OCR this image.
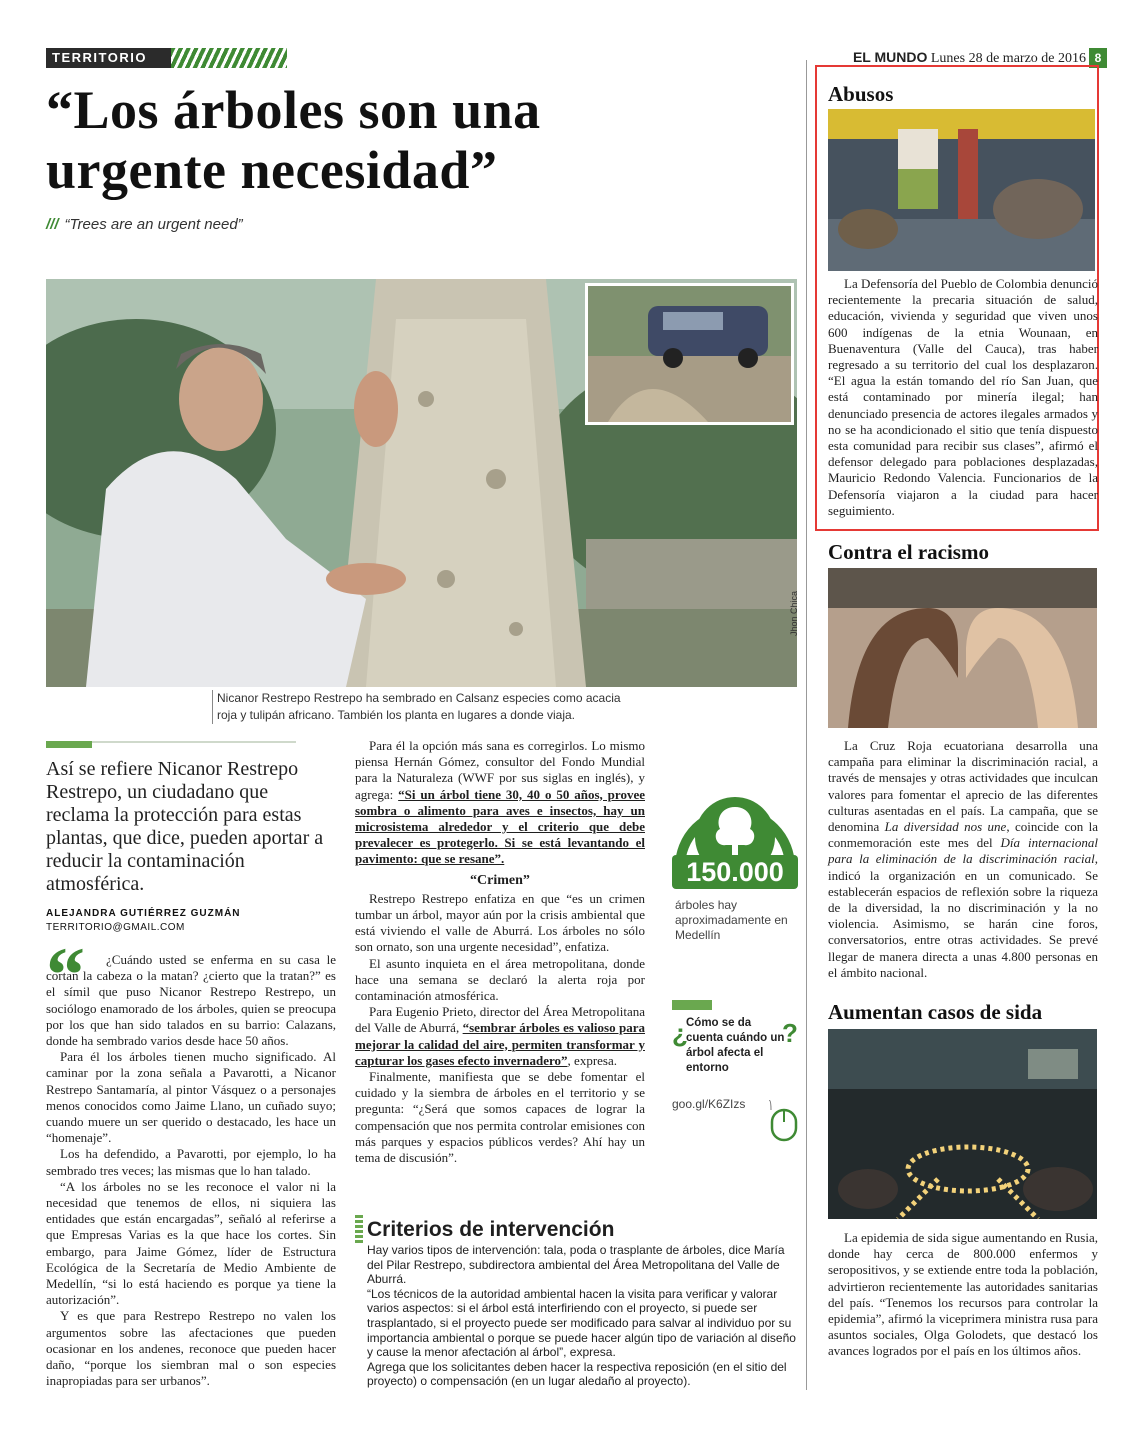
TERRITORIO	EL MUNDO Lunes 28 de marzo de 2016 8
“Los árboles son una
urgente necesidad”
/// “Trees are an urgent need”
Jhon Chica
Nicanor Restrepo Restrepo ha sembrado en Calsanz especies como acacia
roja y tulipán africano. También los planta en lugares a donde viaja.
Así se refiere Nicanor Restrepo Restrepo, un ciudadano que reclama la protección para estas plantas, que dice, pueden aportar a reducir la contaminación atmosférica.
ALEJANDRA GUTIÉRREZ GUZMÁN
TERRITORIO@GMAIL.COM
“	¿Cuándo usted se enferma en su casa le cortan la cabeza o la matan? ¿cierto que la tratan?” es el símil que puso Nicanor Restrepo Restrepo, un sociólogo enamorado de los árboles, quien se preocupa por los que han sido talados en su barrio: Calazans, donde ha sembrado varios desde hace 50 años.

Para él los árboles tienen mucho significado. Al caminar por la zona señala a Pavarotti, a Nicanor Restrepo Santamaría, al pintor Vásquez o a personajes menos conocidos como Jaime Llano, un cuñado suyo; cuando muere un ser querido o destacado, les hace un “homenaje”.

Los ha defendido, a Pavarotti, por ejemplo, lo ha sembrado tres veces; las mismas que lo han talado.

“A los árboles no se les reconoce el valor ni la necesidad que tenemos de ellos, ni siquiera las entidades que están encargadas”, señaló al referirse a que Empresas Varias es la que hace los cortes. Sin embargo, para Jaime Gómez, líder de Estructura Ecológica de la Secretaría de Medio Ambiente de Medellín, “si lo está haciendo es porque ya tiene la autorización”.

Y es que para Restrepo Restrepo no valen los argumentos sobre las afectaciones que pueden ocasionar en los andenes, reconoce que pueden hacer daño, “porque los siembran mal o son especies inapropiadas para ser urbanos”.

Para él la opción más sana es corregirlos. Lo mismo piensa Hernán Gómez, consultor del Fondo Mundial para la Naturaleza (WWF por sus siglas en inglés), y agrega: “Si un árbol tiene 30, 40 o 50 años, provee sombra o alimento para aves e insectos, hay un microsistema alrededor y el criterio que debe prevalecer es protegerlo. Si se está levantando el pavimento: que se resane”.

“Crimen”

Restrepo Restrepo enfatiza en que “es un crimen tumbar un árbol, mayor aún por la crisis ambiental que está viviendo el valle de Aburrá. Los árboles no sólo son ornato, son una urgente necesidad”, enfatiza.

El asunto inquieta en el área metropolitana, donde hace una semana se declaró la alerta roja por contaminación atmosférica.

Para Eugenio Prieto, director del Área Metropolitana del Valle de Aburrá, “sembrar árboles es valioso para mejorar la calidad del aire, permiten transformar y capturar los gases efecto invernadero”, expresa.

Finalmente, manifiesta que se debe fomentar el cuidado y la siembra de árboles en el territorio y se pregunta: “¿Será que somos capaces de lograr la compensación que nos permita controlar emisiones con más parques y espacios públicos verdes? Ahí hay un tema de discusión”.

150.000
árboles hay aproximadamente en Medellín
¿
Cómo se da cuenta cuándo un árbol afecta el entorno
?
goo.gl/K6ZIzs
Criterios de intervención

Hay varios tipos de intervención: tala, poda o trasplante de árboles, dice María del Pilar Restrepo, subdirectora ambiental del Área Metropolitana del Valle de Aburrá.

“Los técnicos de la autoridad ambiental hacen la visita para verificar y valorar varios aspectos: si el árbol está interfiriendo con el proyecto, si puede ser trasplantado, si el proyecto puede ser modificado para salvar al individuo por su importancia ambiental o porque se puede hacer algún tipo de variación al diseño y cause la menor afectación al árbol”, expresa.

Agrega que los solicitantes deben hacer la respectiva reposición (en el sitio del proyecto) o compensación (en un lugar aledaño al proyecto).

Abusos
La Defensoría del Pueblo de Colombia denunció recientemente la precaria situación de salud, educación, vivienda y seguridad que viven unos 600 indígenas de la etnia Wounaan, en Buenaventura (Valle del Cauca), tras haber regresado a su territorio del cual los desplazaron. “El agua la están tomando del río San Juan, que está contaminado por minería ilegal; han denunciado presencia de actores ilegales armados y no se ha acondicionado el sitio que tenía dispuesto esta comunidad para recibir sus clases”, afirmó el defensor delegado para poblaciones desplazadas, Mauricio Redondo Valencia. Funcionarios de la Defensoría viajaron a la ciudad para hacer seguimiento.
Contra el racismo
La Cruz Roja ecuatoriana desarrolla una campaña para eliminar la discriminación racial, a través de mensajes y otras actividades que inculcan valores para fomentar el aprecio de las diferentes culturas asentadas en el país. La campaña, que se denomina La diversidad nos une, coincide con la conmemoración este mes del Día internacional para la eliminación de la discriminación racial, indicó la organización en un comunicado. Se establecerán espacios de reflexión sobre la riqueza de la diversidad, la no discriminación y la no violencia. Asimismo, se harán cine foros, conversatorios, entre otras actividades. Se prevé llegar de manera directa a unas 4.800 personas en el ámbito nacional.
Aumentan casos de sida
La epidemia de sida sigue aumentando en Rusia, donde hay cerca de 800.000 enfermos y seropositivos, y se extiende entre toda la población, advirtieron recientemente las autoridades sanitarias del país. “Tenemos los recursos para controlar la epidemia”, afirmó la viceprimera ministra rusa para asuntos sociales, Olga Golodets, que destacó los avances logrados por el país en los últimos años.
